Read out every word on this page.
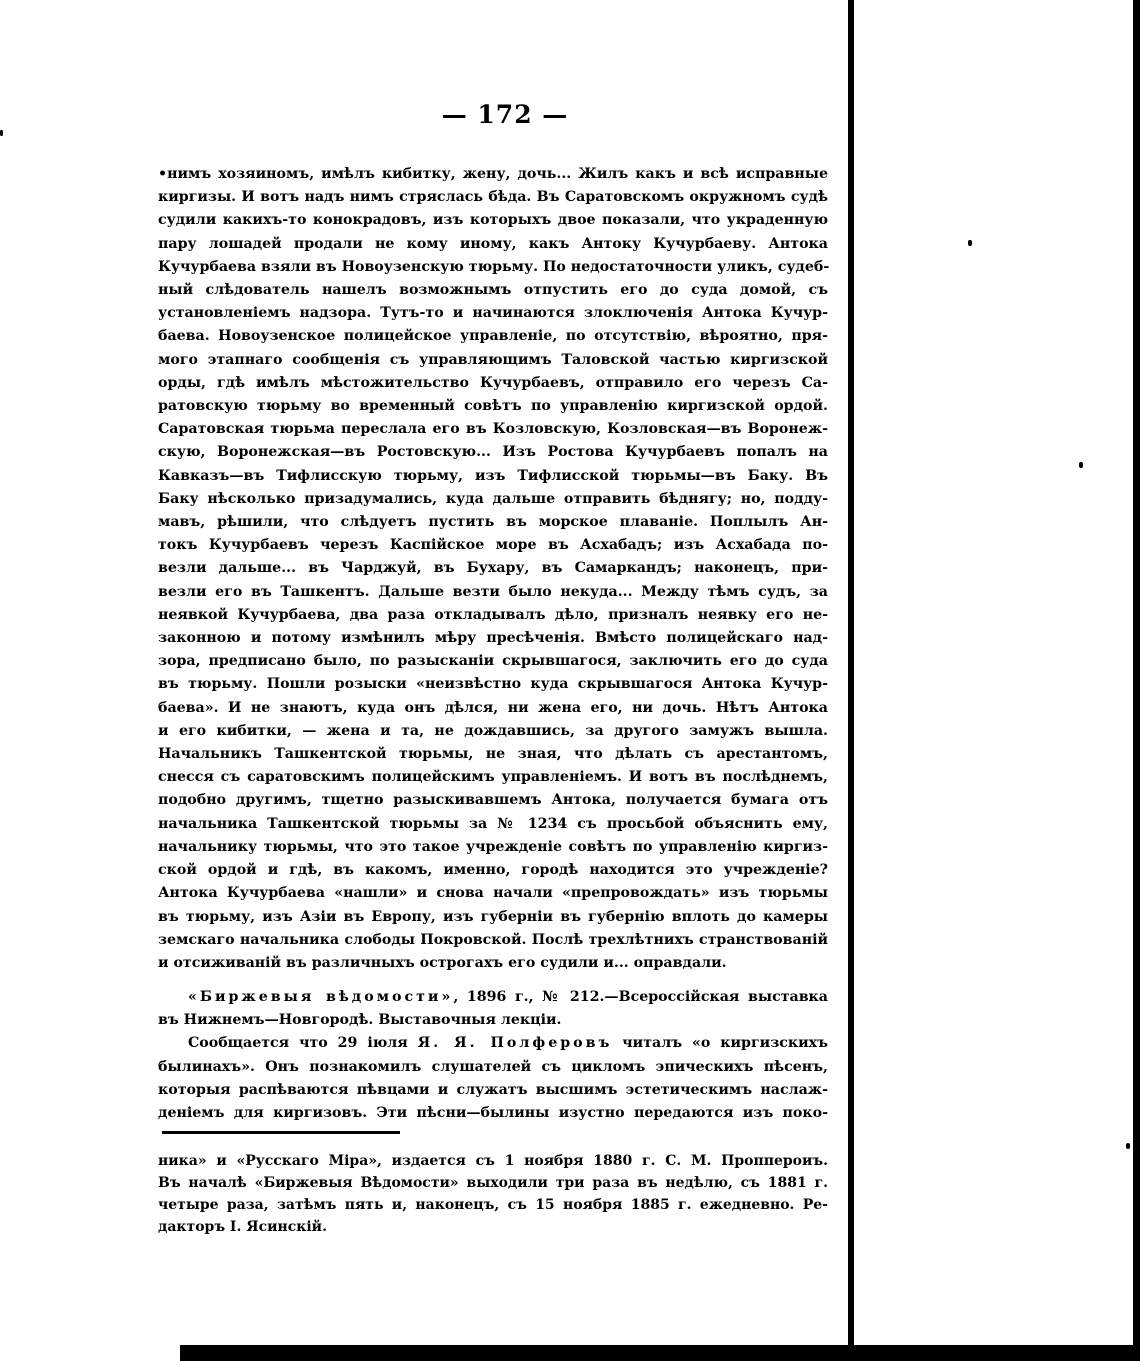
— 172 —
•нимъ хозяиномъ, имѣлъ кибитку, жену, дочь... Жилъ какъ и всѣ исправные
киргизы. И вотъ надъ нимъ стряслась бѣда. Въ Саратовскомъ окружномъ судѣ
судили какихъ-то конокрадовъ, изъ которыхъ двое показали, что украденную
пару лошадей продали не кому иному, какъ Антоку Кучурбаеву. Антока
Кучурбаева взяли въ Новоузенскую тюрьму. По недостаточности уликъ, судеб-
ный слѣдователь нашелъ возможнымъ отпустить его до суда домой, съ
установленіемъ надзора. Тутъ-то и начинаются злоключенія Антока Кучур-
баева. Новоузенское полицейское управленіе, по отсутствію, вѣроятно, пря-
мого этапнаго сообщенія съ управляющимъ Таловской частью киргизской
орды, гдѣ имѣлъ мѣстожительство Кучурбаевъ, отправило его черезъ Са-
ратовскую тюрьму во временный совѣтъ по управленію киргизской ордой.
Саратовская тюрьма переслала его въ Козловскую, Козловская—въ Воронеж-
скую, Воронежская—въ Ростовскую... Изъ Ростова Кучурбаевъ попалъ на
Кавказъ—въ Тифлисскую тюрьму, изъ Тифлисской тюрьмы—въ Баку. Въ
Баку нѣсколько призадумались, куда дальше отправить бѣднягу; но, подду-
мавъ, рѣшили, что слѣдуетъ пустить въ морское плаваніе. Поплылъ Ан-
токъ Кучурбаевъ черезъ Каспійское море въ Асхабадъ; изъ Асхабада по-
везли дальше... въ Чарджуй, въ Бухару, въ Самаркандъ; наконецъ, при-
везли его въ Ташкентъ. Дальше везти было некуда... Между тѣмъ судъ, за
неявкой Кучурбаева, два раза откладывалъ дѣло, призналъ неявку его не-
законною и потому измѣнилъ мѣру пресѣченія. Вмѣсто полицейскаго над-
зора, предписано было, по разысканіи скрывшагося, заключить его до суда
въ тюрьму. Пошли розыски «неизвѣстно куда скрывшагося Антока Кучур-
баева». И не знаютъ, куда онъ дѣлся, ни жена его, ни дочь. Нѣтъ Антока
и его кибитки, — жена и та, не дождавшись, за другого замужъ вышла.
Начальникъ Ташкентской тюрьмы, не зная, что дѣлать съ арестантомъ,
снесся съ саратовскимъ полицейскимъ управленіемъ. И вотъ въ послѣднемъ,
подобно другимъ, тщетно разыскивавшемъ Антока, получается бумага отъ
начальника Ташкентской тюрьмы за № 1234 съ просьбой объяснить ему,
начальнику тюрьмы, что это такое учрежденіе совѣтъ по управленію киргиз-
ской ордой и гдѣ, въ какомъ, именно, городѣ находится это учрежденіе?
Антока Кучурбаева «нашли» и снова начали «препровождать» изъ тюрьмы
въ тюрьму, изъ Азіи въ Европу, изъ губерніи въ губернію вплоть до камеры
земскаго начальника слободы Покровской. Послѣ трехлѣтнихъ странствованій
и отсиживаній въ различныхъ острогахъ его судили и... оправдали.
«Биржевыя вѣдомости», 1896 г., № 212.—Всероссійская выставка
въ Нижнемъ—Новгородѣ. Выставочныя лекціи.
Сообщается что 29 іюля Я. Я. Полферовъ читалъ «о киргизскихъ
былинахъ». Онъ познакомилъ слушателей съ цикломъ эпическихъ пѣсенъ,
которыя распѣваются пѣвцами и служатъ высшимъ эстетическимъ наслаж-
деніемъ для киргизовъ. Эти пѣсни—былины изустно передаются изъ поко-
ника» и «Русскаго Міра», издается съ 1 ноября 1880 г. С. М. Проппероиъ.
Въ началѣ «Биржевыя Вѣдомости» выходили три раза въ недѣлю, съ 1881 г.
четыре раза, затѣмъ пять и, наконецъ, съ 15 ноября 1885 г. ежедневно. Ре-
дакторъ І. Ясинскій.
